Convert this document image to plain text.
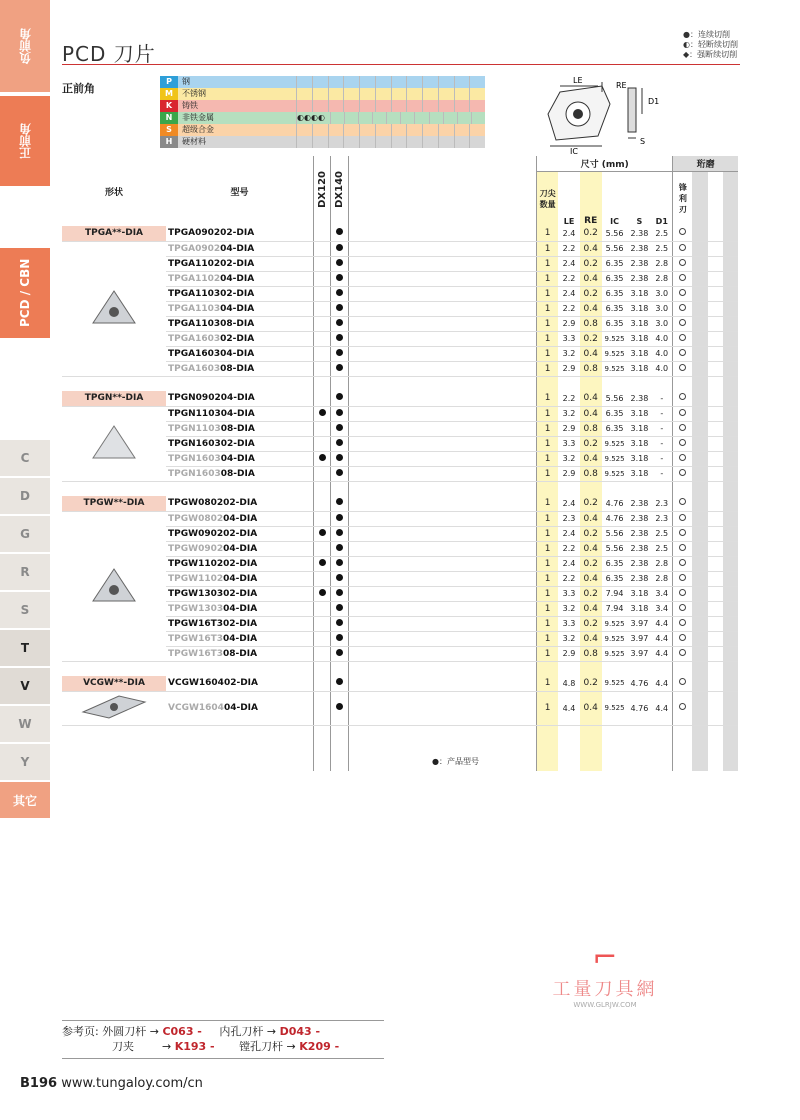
负前角
正前角
PCD / CBN
C
D
G
R
S
T
V
W
Y
其它
PCD 刀片
●：连续切削
◐：轻断续切削
◆：强断续切削
正前角
P	钢
M	不锈钢
K	铸铁
N	非铁金属	◐◐◐◐
S	超级合金
H	硬材料
LE
RE
D1
IC
S
形状	型号	DX120	DX140		尺寸 (mm)						珩磨			
					刀尖数量	LE	RE	IC	S	D1	锋利刃			
TPGA**-DIA	TPGA090202-DIA				1	2.4	0.2	5.56	2.38	2.5				
	TPGA090204-DIA				1	2.2	0.4	5.56	2.38	2.5				
	TPGA110202-DIA				1	2.4	0.2	6.35	2.38	2.8				
	TPGA110204-DIA				1	2.2	0.4	6.35	2.38	2.8				
	TPGA110302-DIA				1	2.4	0.2	6.35	3.18	3.0				
	TPGA110304-DIA				1	2.2	0.4	6.35	3.18	3.0				
	TPGA110308-DIA				1	2.9	0.8	6.35	3.18	3.0				
	TPGA160302-DIA				1	3.3	0.2	9.525	3.18	4.0				
	TPGA160304-DIA				1	3.2	0.4	9.525	3.18	4.0				
	TPGA160308-DIA				1	2.9	0.8	9.525	3.18	4.0				

TPGN**-DIA	TPGN090204-DIA				1	2.2	0.4	5.56	2.38	-				
	TPGN110304-DIA				1	3.2	0.4	6.35	3.18	-				
	TPGN110308-DIA				1	2.9	0.8	6.35	3.18	-				
	TPGN160302-DIA				1	3.3	0.2	9.525	3.18	-				
	TPGN160304-DIA				1	3.2	0.4	9.525	3.18	-				
	TPGN160308-DIA				1	2.9	0.8	9.525	3.18	-				

TPGW**-DIA	TPGW080202-DIA				1	2.4	0.2	4.76	2.38	2.3				
	TPGW080204-DIA				1	2.3	0.4	4.76	2.38	2.3				
	TPGW090202-DIA				1	2.4	0.2	5.56	2.38	2.5				
	TPGW090204-DIA				1	2.2	0.4	5.56	2.38	2.5				
	TPGW110202-DIA				1	2.4	0.2	6.35	2.38	2.8				
	TPGW110204-DIA				1	2.2	0.4	6.35	2.38	2.8				
	TPGW130302-DIA				1	3.3	0.2	7.94	3.18	3.4				
	TPGW130304-DIA				1	3.2	0.4	7.94	3.18	3.4				
	TPGW16T302-DIA				1	3.3	0.2	9.525	3.97	4.4				
	TPGW16T304-DIA				1	3.2	0.4	9.525	3.97	4.4				
	TPGW16T308-DIA				1	2.9	0.8	9.525	3.97	4.4				

VCGW**-DIA	VCGW160402-DIA				1	4.8	0.2	9.525	4.76	4.4				
	VCGW160404-DIA				1	4.4	0.4	9.525	4.76	4.4				

●：产品型号
⌐
工量刀具網
WWW.GLRJW.COM
参考页: 外圆刀杆 → C063 - 内孔刀杆 → D043 -
刀夹        → K193 - 镗孔刀杆 → K209 -
B196 www.tungaloy.com/cn
